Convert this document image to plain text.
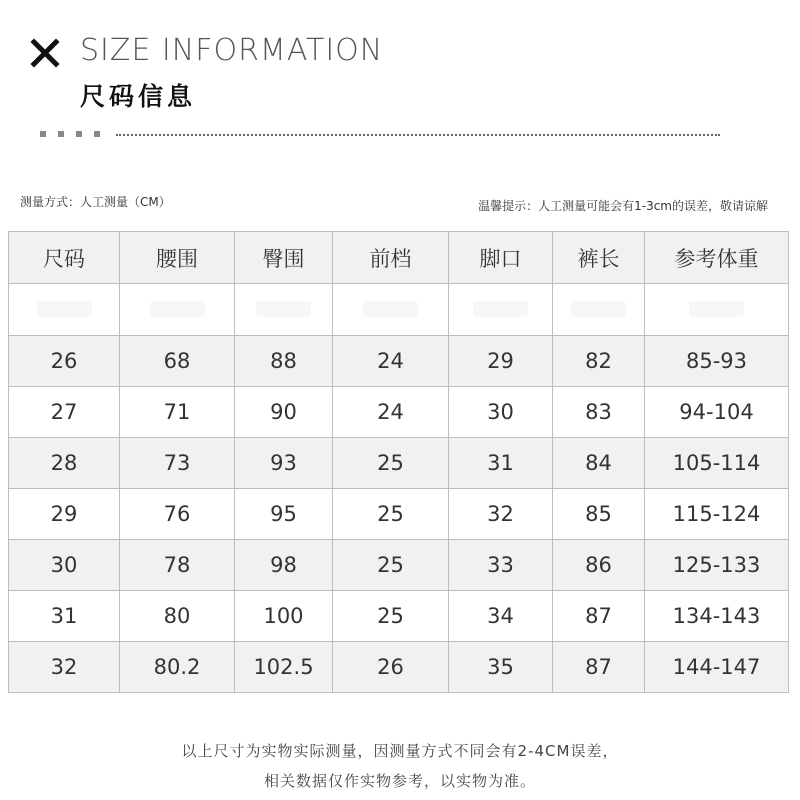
SIZE INFORMATION
尺码信息
测量方式：人工测量（CM）	温馨提示：人工测量可能会有1-3cm的误差，敬请谅解
尺码	腰围	臀围	前档	脚口	裤长	参考体重

26	68	88	24	29	82	85-93
27	71	90	24	30	83	94-104
28	73	93	25	31	84	105-114
29	76	95	25	32	85	115-124
30	78	98	25	33	86	125-133
31	80	100	25	34	87	134-143
32	80.2	102.5	26	35	87	144-147
以上尺寸为实物实际测量，因测量方式不同会有2-4CM误差，
相关数据仅作实物参考，以实物为准。
